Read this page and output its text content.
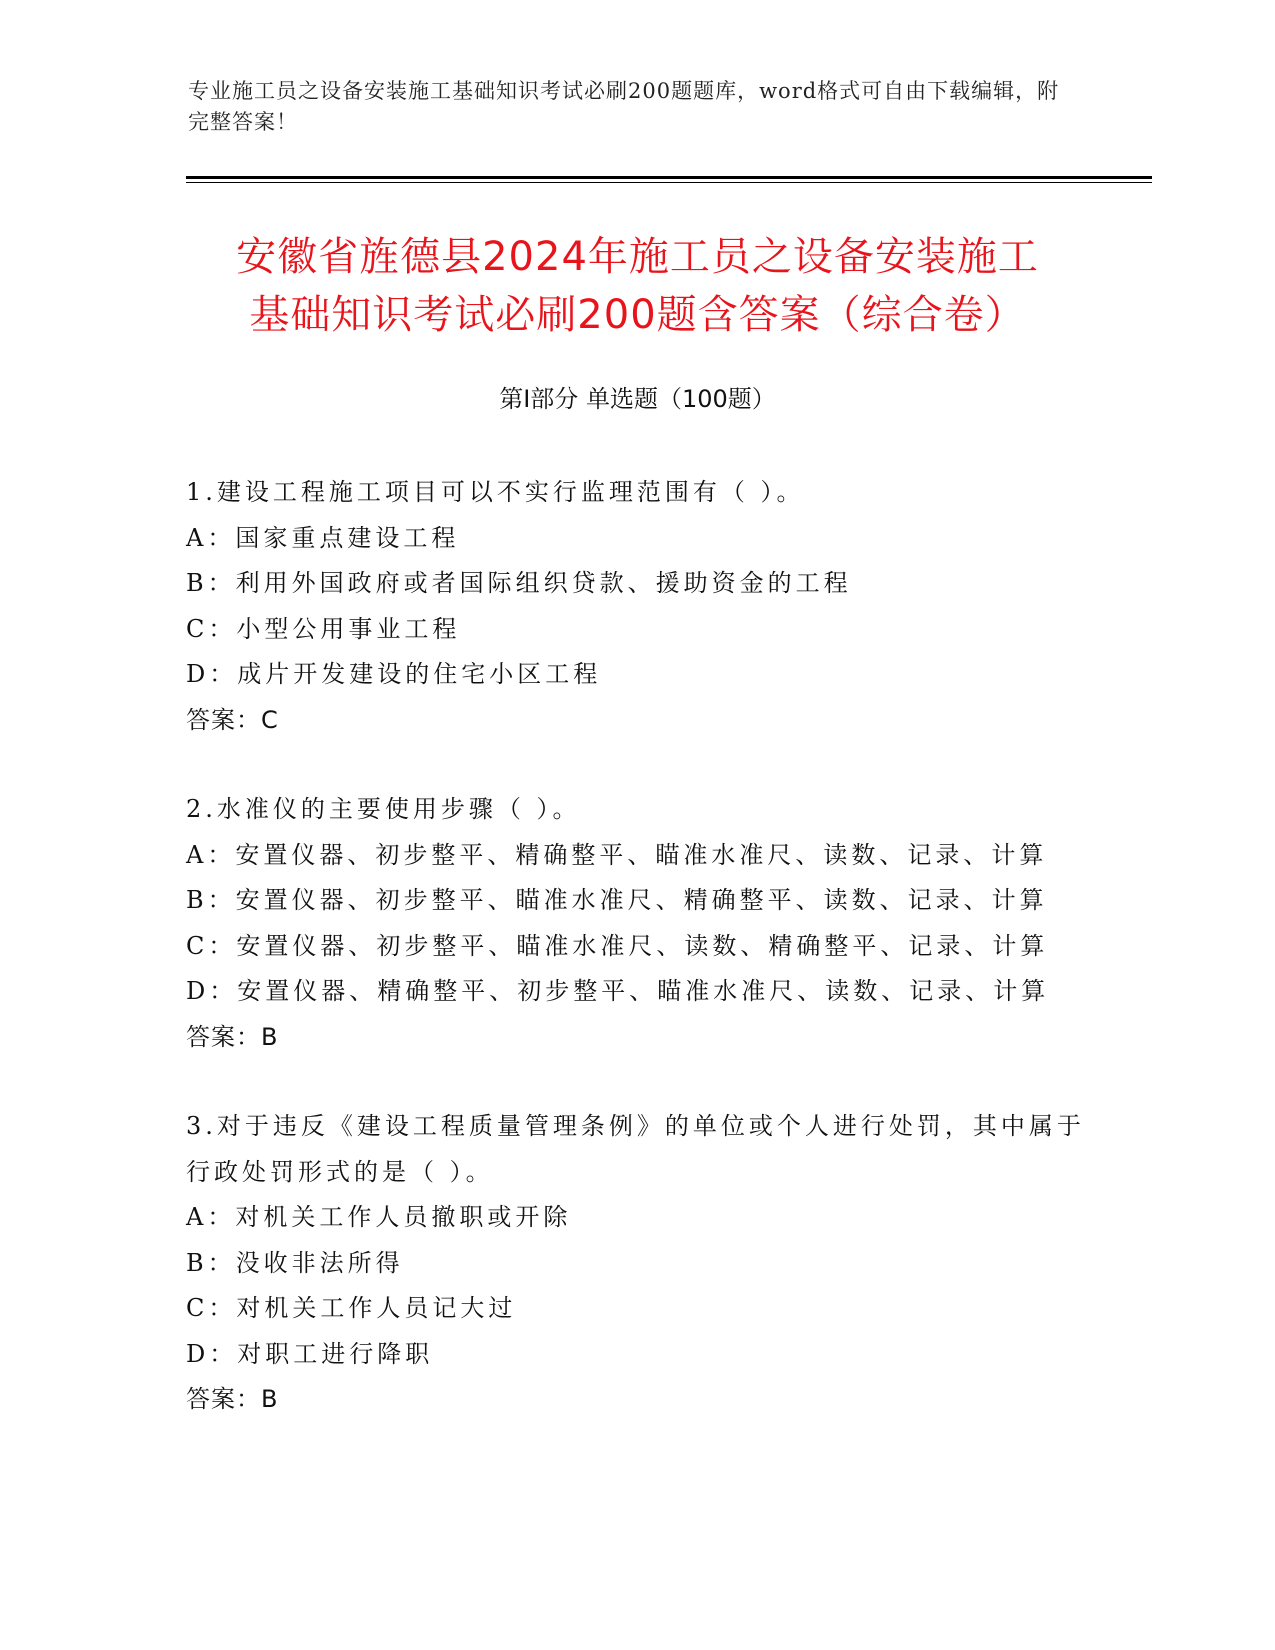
专业施工员之设备安装施工基础知识考试必刷200题题库，word格式可自由下载编辑，附完整答案！
安徽省旌德县2024年施工员之设备安装施工
基础知识考试必刷200题含答案（综合卷）
第Ⅰ部分 单选题（100题）
1.建设工程施工项目可以不实行监理范围有（ ）。
A：国家重点建设工程
B：利用外国政府或者国际组织贷款、援助资金的工程
C：小型公用事业工程
D：成片开发建设的住宅小区工程
答案：C
2.水准仪的主要使用步骤（ ）。
A：安置仪器、初步整平、精确整平、瞄准水准尺、读数、记录、计算
B：安置仪器、初步整平、瞄准水准尺、精确整平、读数、记录、计算
C：安置仪器、初步整平、瞄准水准尺、读数、精确整平、记录、计算
D：安置仪器、精确整平、初步整平、瞄准水准尺、读数、记录、计算
答案：B
3.对于违反《建设工程质量管理条例》的单位或个人进行处罚，其中属于行政处罚形式的是（ ）。
A：对机关工作人员撤职或开除
B：没收非法所得
C：对机关工作人员记大过
D：对职工进行降职
答案：B
